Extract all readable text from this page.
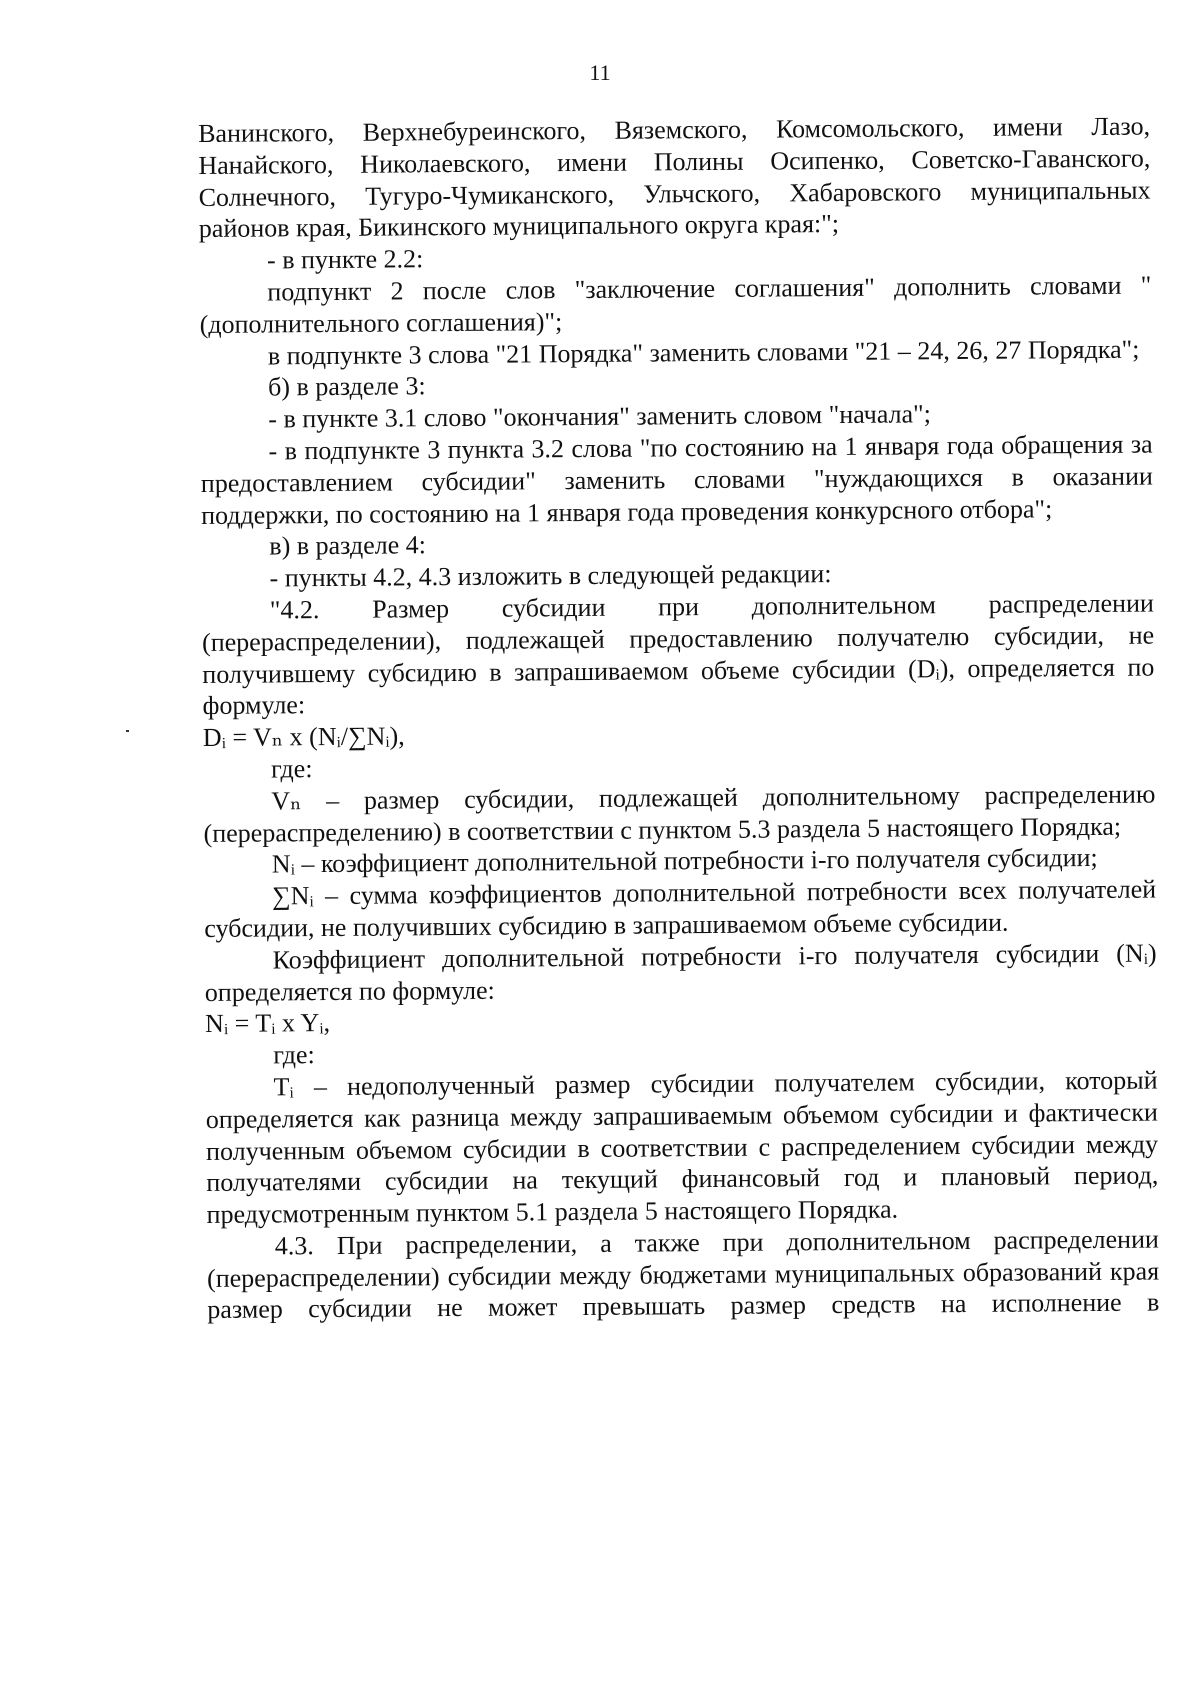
11

Ванинского, Верхнебуреинского, Вяземского, Комсомольского, имени Лазо, Нанайского, Николаевского, имени Полины Осипенко, Советско-Гаванского, Солнечного, Тугуро-Чумиканского, Ульчского, Хабаровского муниципальных районов края, Бикинского муниципального округа края:";

- в пункте 2.2:

подпункт 2 после слов "заключение соглашения" дополнить словами "(дополнительного соглашения)";

в подпункте 3 слова "21 Порядка" заменить словами "21 – 24, 26, 27 Порядка";

б) в разделе 3:

- в пункте 3.1 слово "окончания" заменить словом "начала";

- в подпункте 3 пункта 3.2 слова "по состоянию на 1 января года обращения за предоставлением субсидии" заменить словами "нуждающихся в оказании поддержки, по состоянию на 1 января года проведения конкурсного отбора";

в) в разделе 4:

- пункты 4.2, 4.3 изложить в следующей редакции:

"4.2. Размер субсидии при дополнительном распределении (перераспределении), подлежащей предоставлению получателю субсидии, не получившему субсидию в запрашиваемом объеме субсидии (Dᵢ), определяется по формуле:

Dᵢ = Vₙ x (Nᵢ/∑Nᵢ),

где:

Vₙ – размер субсидии, подлежащей дополнительному распределению (перераспределению) в соответствии с пунктом 5.3 раздела 5 настоящего Порядка;

Nᵢ – коэффициент дополнительной потребности i-го получателя субсидии;

∑Nᵢ – сумма коэффициентов дополнительной потребности всех получателей субсидии, не получивших субсидию в запрашиваемом объеме субсидии.

Коэффициент дополнительной потребности i-го получателя субсидии (Nᵢ) определяется по формуле:

Nᵢ = Tᵢ x Yᵢ,

где:

Tᵢ – недополученный размер субсидии получателем субсидии, который определяется как разница между запрашиваемым объемом субсидии и фактически полученным объемом субсидии в соответствии с распределением субсидии между получателями субсидии на текущий финансовый год и плановый период, предусмотренным пунктом 5.1 раздела 5 настоящего Порядка.

4.3. При распределении, а также при дополнительном распределении (перераспределении) субсидии между бюджетами муниципальных образований края размер субсидии не может превышать размер средств на исполнение в
